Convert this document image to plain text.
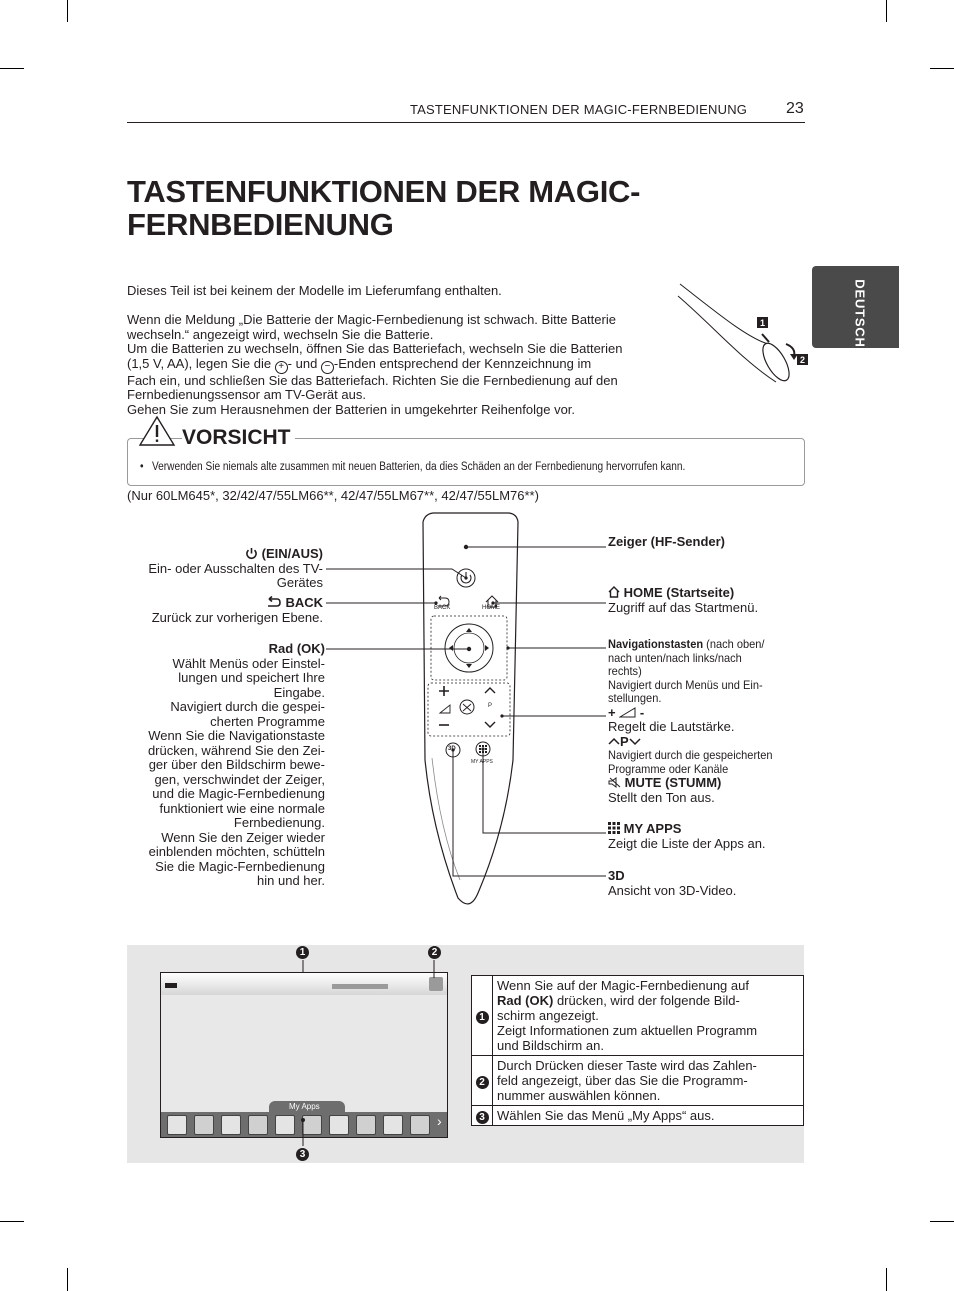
TASTENFUNKTIONEN DER MAGIC-FERNBEDIENUNG 23
DEUTSCH
TASTENFUNKTIONEN DER MAGIC-
FERNBEDIENUNG
Dieses Teil ist bei keinem der Modelle im Lieferumfang enthalten.
Wenn die Meldung „Die Batterie der Magic-Fernbedienung ist schwach. Bitte Batterie
wechseln.“ angezeigt wird, wechseln Sie die Batterie.
Um die Batterien zu wechseln, öffnen Sie das Batteriefach, wechseln Sie die Batterien
(1,5 V, AA), legen Sie die + - und − -Enden entsprechend der Kennzeichnung im
Fach ein, und schließen Sie das Batteriefach. Richten Sie die Fernbedienung auf den
Fernbedienungssensor am TV-Gerät aus.
Gehen Sie zum Herausnehmen der Batterien in umgekehrter Reihenfolge vor.
1
2
VORSICHT
• Verwenden Sie niemals alte zusammen mit neuen Batterien, da dies Schäden an der Fernbedienung hervorrufen kann.
(Nur 60LM645*, 32/42/47/55LM66**, 42/47/55LM67**, 42/47/55LM76**)
BACK	HOME
P
3D
MY APPS
(EIN/AUS)
Ein- oder Ausschalten des TV-
Gerätes
BACK
Zurück zur vorherigen Ebene.
Rad (OK)
Wählt Menüs oder Einstel-
lungen und speichert Ihre
Eingabe.
Navigiert durch die gespei-
cherten Programme
Wenn Sie die Navigationstaste
drücken, während Sie den Zei-
ger über den Bildschirm bewe-
gen, verschwindet der Zeiger,
und die Magic-Fernbedienung
funktioniert wie eine normale
Fernbedienung.
Wenn Sie den Zeiger wieder
einblenden möchten, schütteln
Sie die Magic-Fernbedienung
hin und her.
Zeiger (HF-Sender)
HOME (Startseite)
Zugriff auf das Startmenü.
Navigationstasten (nach oben/
nach unten/nach links/nach
rechts)
Navigiert durch Menüs und Ein-
stellungen.
+ -
Regelt die Lautstärke.
P
Navigiert durch die gespeicherten
Programme oder Kanäle
MUTE (STUMM)
Stellt den Ton aus.
MY APPS
Zeigt die Liste der Apps an.
3D
Ansicht von 3D-Video.
My Apps
›
1	2
3
1	Wenn Sie auf der Magic-Fernbedienung auf
Rad (OK) drücken, wird der folgende Bild-
schirm angezeigt.
Zeigt Informationen zum aktuellen Programm
und Bildschirm an.

2	Durch Drücken dieser Taste wird das Zahlen-
feld angezeigt, über das Sie die Programm-
nummer auswählen können.

3	Wählen Sie das Menü „My Apps“ aus.
